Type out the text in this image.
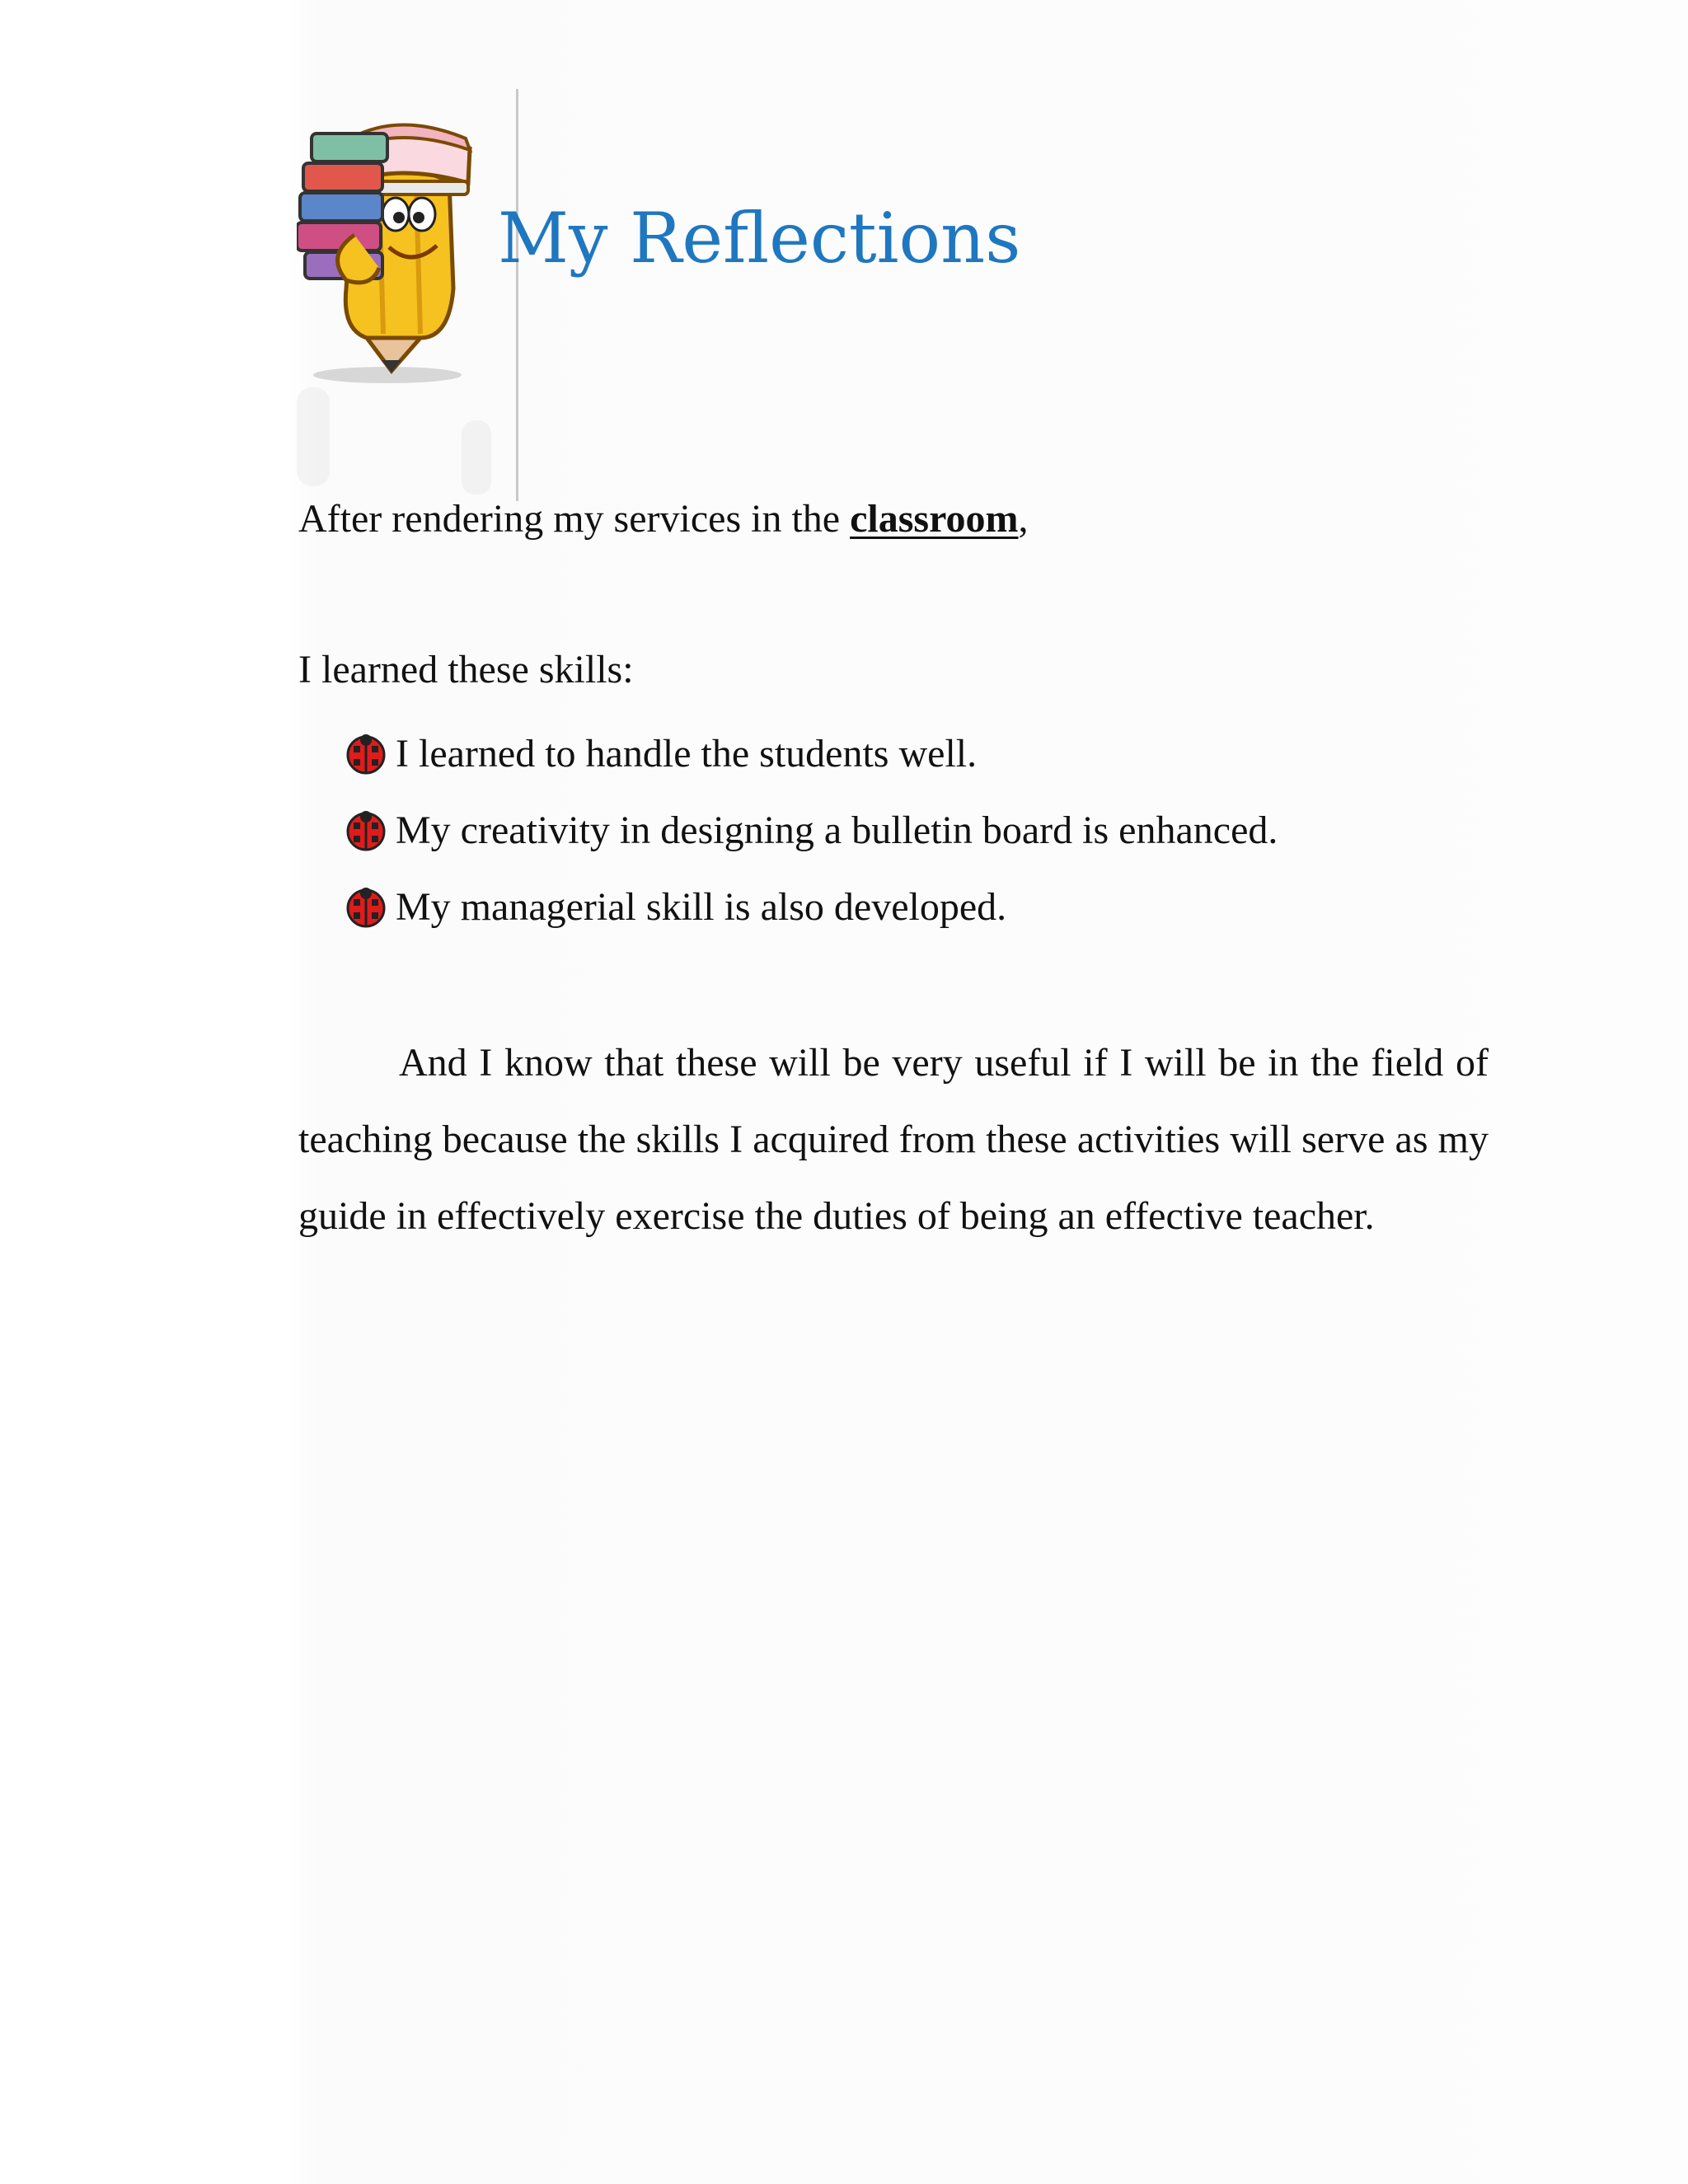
My Reflections
After rendering my services in the classroom,
I learned these skills:
I learned to handle the students well.
My creativity in designing a bulletin board is enhanced.
My managerial skill is also developed.

And I know that these will be very useful if I will be in the field of teaching because the skills I acquired from these activities will serve as my guide in effectively exercise the duties of being an effective teacher.
